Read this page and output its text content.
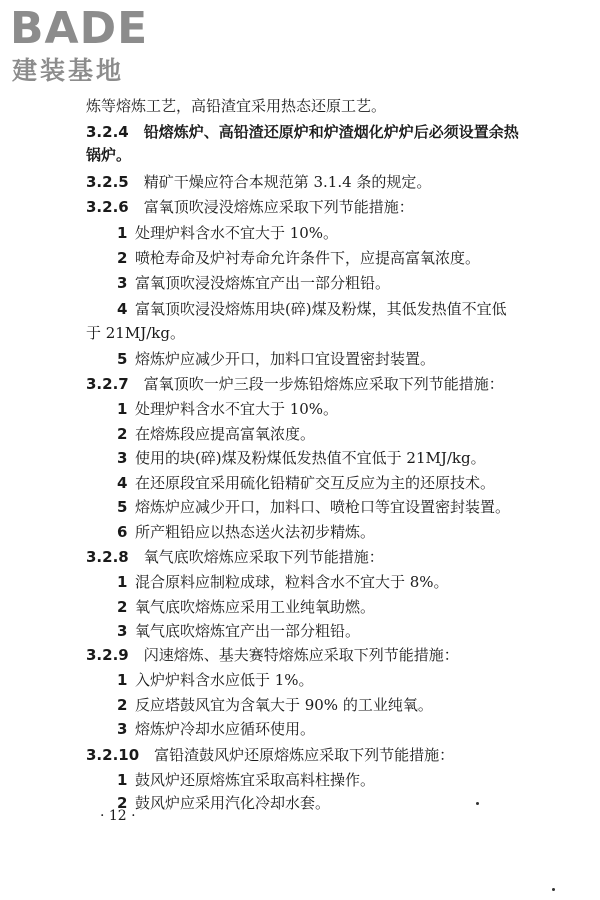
BADE
建装基地
炼等熔炼工艺，高铅渣宜采用热态还原工艺。
3.2.4  铅熔炼炉、高铅渣还原炉和炉渣烟化炉炉后必须设置余热
锅炉。
3.2.5  精矿干燥应符合本规范第 3.1.4 条的规定。
3.2.6  富氧顶吹浸没熔炼应采取下列节能措施：
1  处理炉料含水不宜大于 10%。
2  喷枪寿命及炉衬寿命允许条件下，应提高富氧浓度。
3  富氧顶吹浸没熔炼宜产出一部分粗铅。
4  富氧顶吹浸没熔炼用块(碎)煤及粉煤，其低发热值不宜低
于 21MJ/kg。
5  熔炼炉应减少开口，加料口宜设置密封装置。
3.2.7  富氧顶吹一炉三段一步炼铅熔炼应采取下列节能措施：
1  处理炉料含水不宜大于 10%。
2  在熔炼段应提高富氧浓度。
3  使用的块(碎)煤及粉煤低发热值不宜低于 21MJ/kg。
4  在还原段宜采用硫化铅精矿交互反应为主的还原技术。
5  熔炼炉应减少开口，加料口、喷枪口等宜设置密封装置。
6  所产粗铅应以热态送火法初步精炼。
3.2.8  氧气底吹熔炼应采取下列节能措施：
1  混合原料应制粒成球，粒料含水不宜大于 8%。
2  氧气底吹熔炼应采用工业纯氧助燃。
3  氧气底吹熔炼宜产出一部分粗铅。
3.2.9  闪速熔炼、基夫赛特熔炼应采取下列节能措施：
1  入炉炉料含水应低于 1%。
2  反应塔鼓风宜为含氧大于 90% 的工业纯氧。
3  熔炼炉冷却水应循环使用。
3.2.10  富铅渣鼓风炉还原熔炼应采取下列节能措施：
1  鼓风炉还原熔炼宜采取高料柱操作。
2  鼓风炉应采用汽化冷却水套。
· 12 ·
